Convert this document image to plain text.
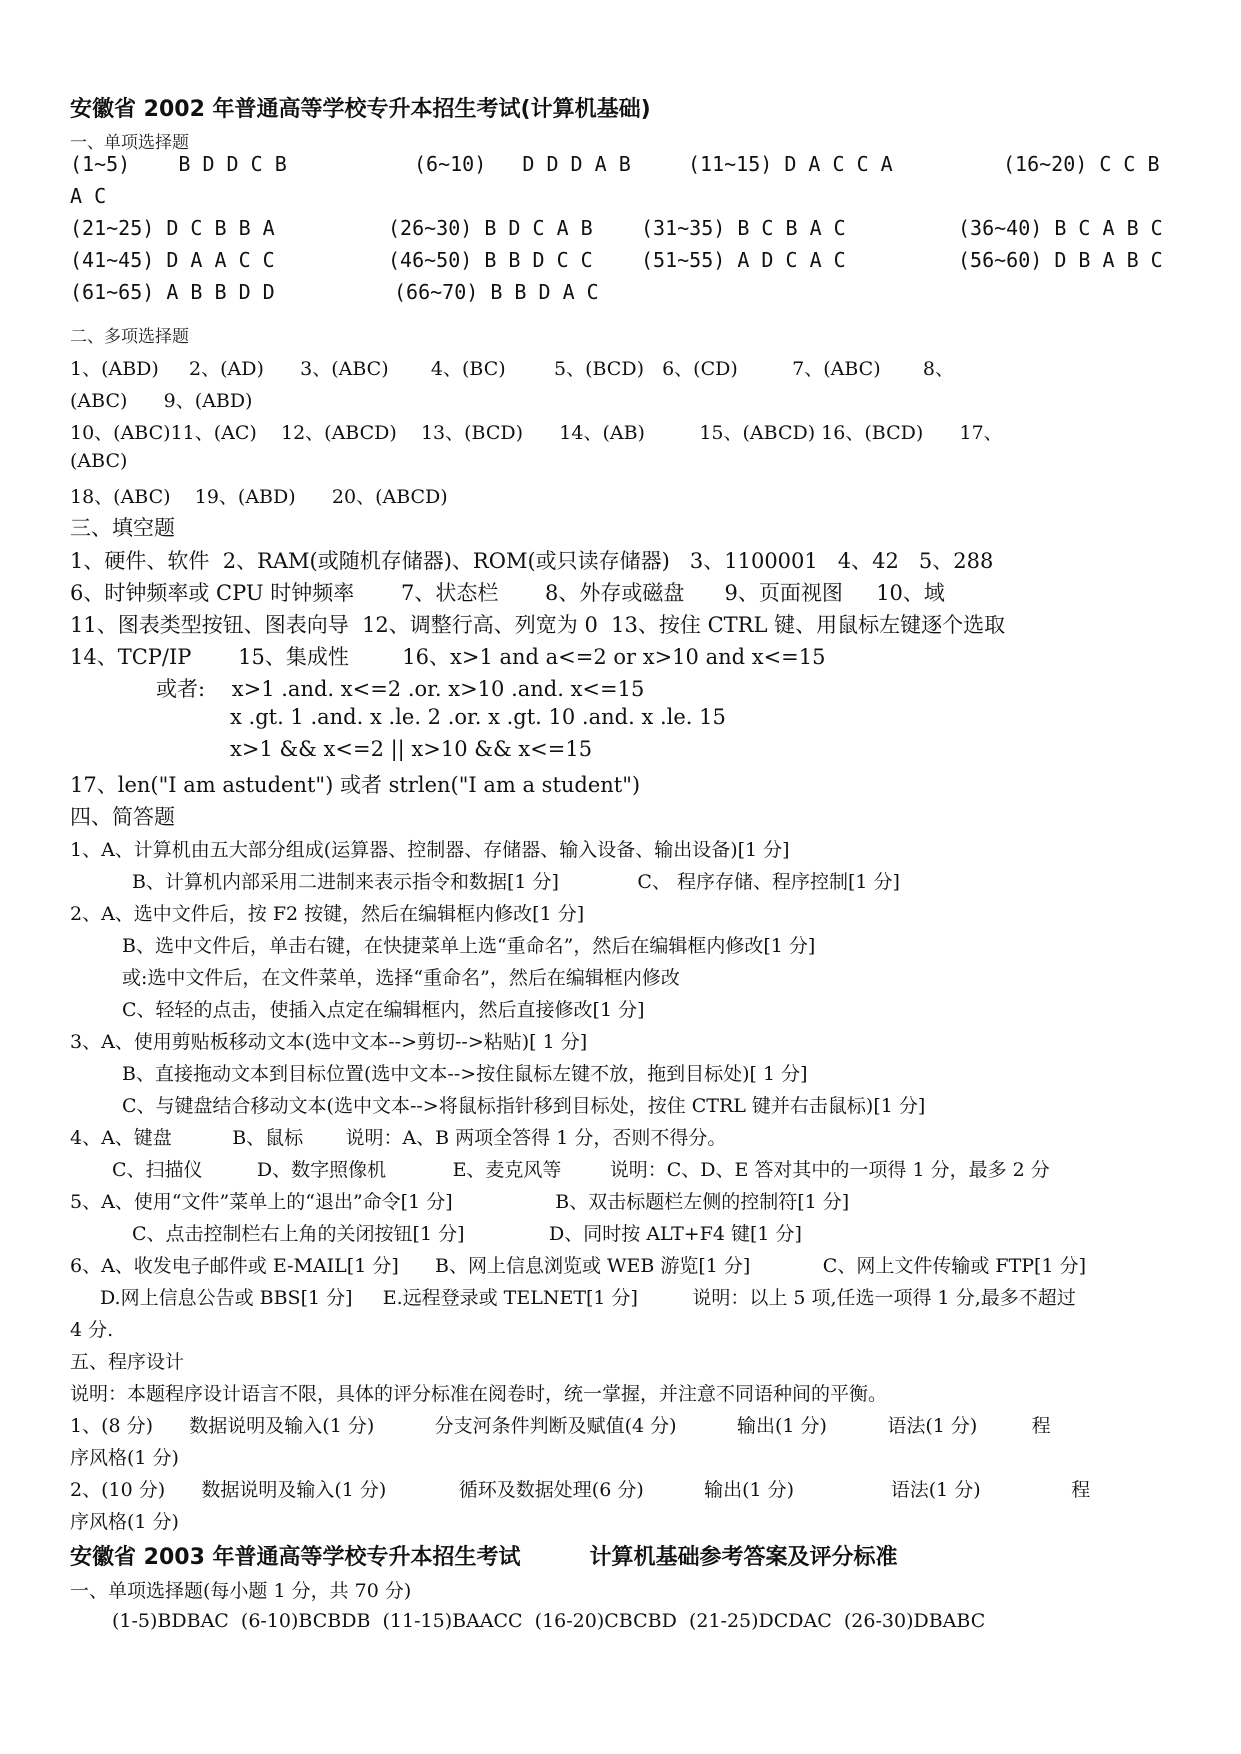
安徽省 2002 年普通高等学校专升本招生考试(计算机基础)
一、单项选择题
(1~5)    B D D C B	(6~10)   D D D A B	(11~15) D A C C A	(16~20) C C B
A C
(21~25) D C B B A	(26~30) B D C A B (31~35) B C B A C	(36~40) B C A B C
(41~45) D A A C C	(46~50) B B D C C (51~55) A D C A C	(56~60) D B A B C
(61~65) A B B D D	(66~70) B B D A C
二、多项选择题
1、(ABD)     2、(AD)      3、(ABC)       4、(BC)        5、(BCD)   6、(CD)         7、(ABC)       8、
(ABC)      9、(ABD)
10、(ABC)11、(AC)    12、(ABCD)    13、(BCD)      14、(AB)         15、(ABCD) 16、(BCD)      17、
(ABC)
18、(ABC)    19、(ABD)      20、(ABCD)
三、填空题
1、硬件、软件  2、RAM(或随机存储器)、ROM(或只读存储器)   3、1100001   4、42   5、288
6、时钟频率或 CPU 时钟频率       7、状态栏       8、外存或磁盘      9、页面视图     10、域
11、图表类型按钮、图表向导  12、调整行高、列宽为 0  13、按住 CTRL 键、用鼠标左键逐个选取
14、TCP/IP       15、集成性        16、x>1 and a<=2 or x>10 and x<=15
或者:    x>1 .and. x<=2 .or. x>10 .and. x<=15
x .gt. 1 .and. x .le. 2 .or. x .gt. 10 .and. x .le. 15
x>1 && x<=2 || x>10 && x<=15
17、len("I am astudent") 或者 strlen("I am a student")
四、简答题
1、A、计算机由五大部分组成(运算器、控制器、存储器、输入设备、输出设备)[1 分]
B、计算机内部采用二进制来表示指令和数据[1 分]             C、 程序存储、程序控制[1 分]
2、A、选中文件后，按 F2 按键，然后在编辑框内修改[1 分]
B、选中文件后，单击右键，在快捷菜单上选“重命名”，然后在编辑框内修改[1 分]
或:选中文件后，在文件菜单，选择“重命名”，然后在编辑框内修改
C、轻轻的点击，使插入点定在编辑框内，然后直接修改[1 分]
3、A、使用剪贴板移动文本(选中文本-->剪切-->粘贴)[ 1 分]
B、直接拖动文本到目标位置(选中文本-->按住鼠标左键不放，拖到目标处)[ 1 分]
C、与键盘结合移动文本(选中文本-->将鼠标指针移到目标处，按住 CTRL 键并右击鼠标)[1 分]
4、A、键盘          B、鼠标       说明：A、B 两项全答得 1 分，否则不得分。
C、扫描仪         D、数字照像机           E、麦克风等        说明：C、D、E 答对其中的一项得 1 分，最多 2 分
5、A、使用“文件”菜单上的“退出”命令[1 分]                 B、双击标题栏左侧的控制符[1 分]
C、点击控制栏右上角的关闭按钮[1 分]              D、同时按 ALT+F4 键[1 分]
6、A、收发电子邮件或 E-MAIL[1 分]      B、网上信息浏览或 WEB 游览[1 分]            C、网上文件传输或 FTP[1 分]
D.网上信息公告或 BBS[1 分]     E.远程登录或 TELNET[1 分]         说明：以上 5 项,任选一项得 1 分,最多不超过
4 分.
五、程序设计
说明：本题程序设计语言不限，具体的评分标准在阅卷时，统一掌握，并注意不同语种间的平衡。
1、(8 分)      数据说明及输入(1 分)          分支河条件判断及赋值(4 分)          输出(1 分)          语法(1 分)         程
序风格(1 分)
2、(10 分)      数据说明及输入(1 分)            循环及数据处理(6 分)          输出(1 分)                语法(1 分)               程
序风格(1 分)
安徽省 2003 年普通高等学校专升本招生考试         计算机基础参考答案及评分标准
一、单项选择题(每小题 1 分，共 70 分)
(1-5)BDBAC  (6-10)BCBDB  (11-15)BAACC  (16-20)CBCBD  (21-25)DCDAC  (26-30)DBABC
